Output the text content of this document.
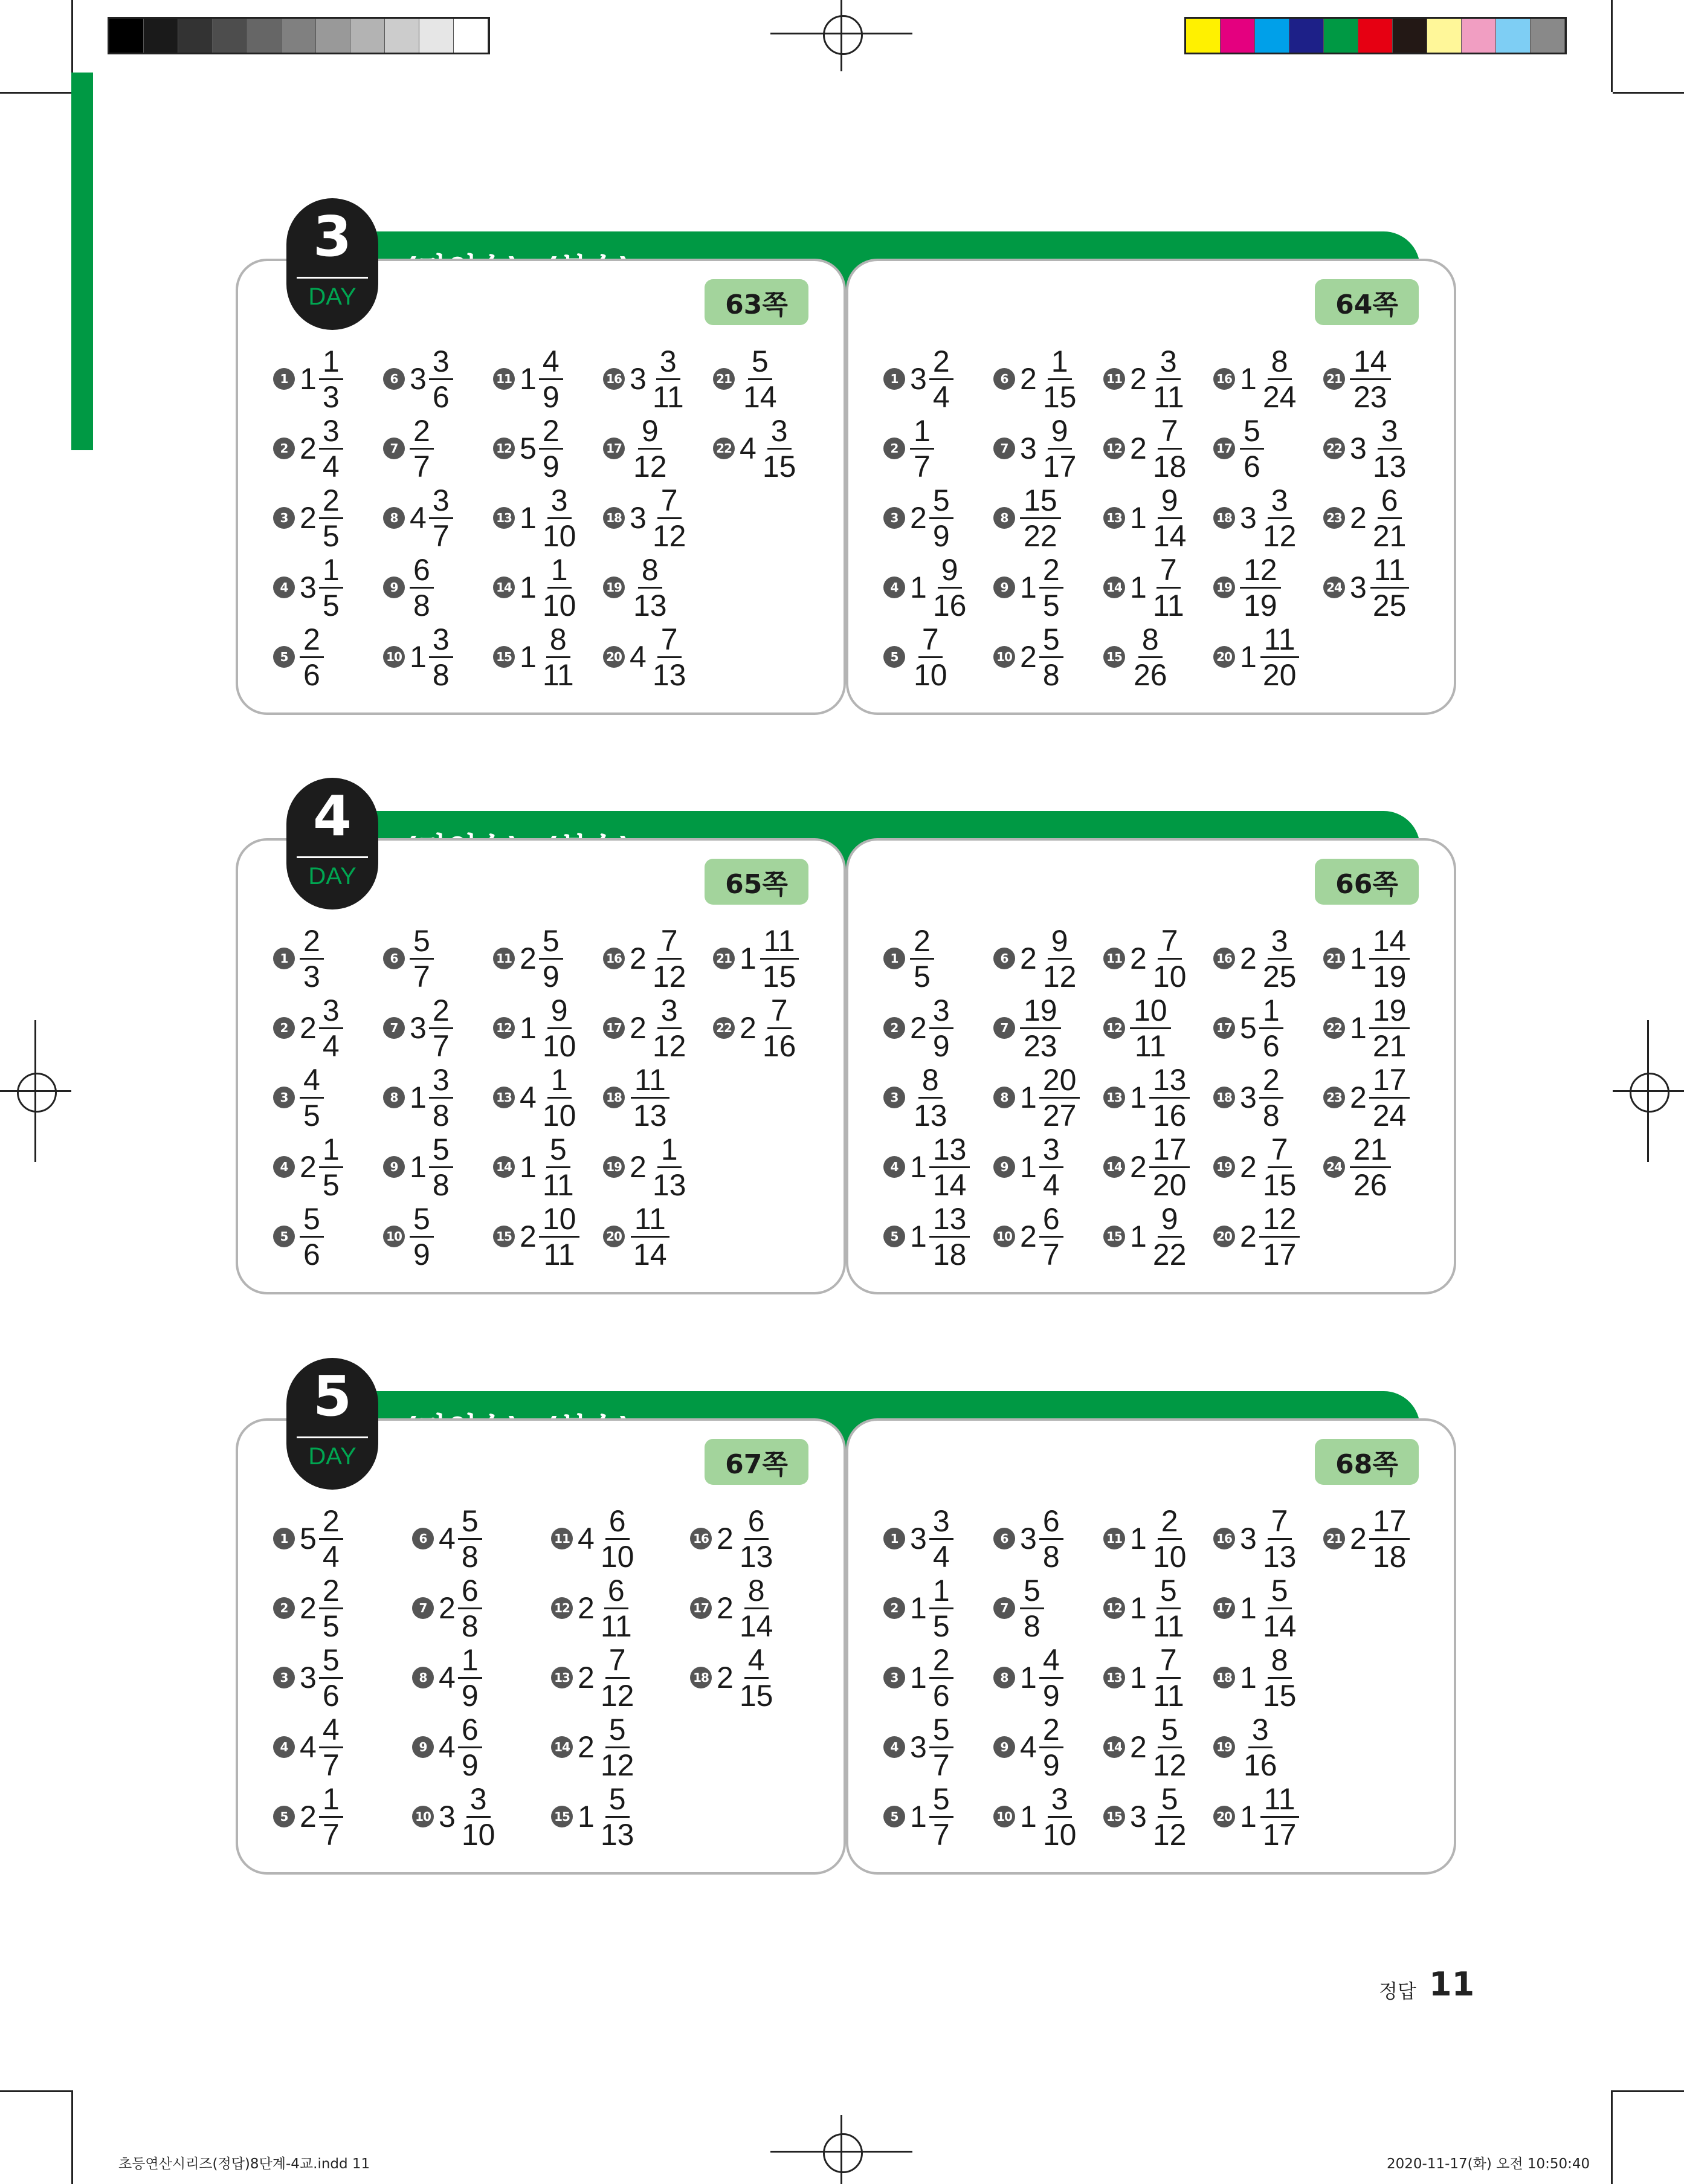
3
DAY	63쪽
1 $1 \frac{1}{3}$
2 $2 \frac{3}{4}$
3 $2 \frac{2}{5}$
4 $3 \frac{1}{5}$
$5 \frac{2}{6}$
6 $3 \frac{3}{6}$
$7 \frac{2}{7}$
8 $4 \frac{3}{7}$
$9 \frac{6}{8}$
10 $1 \frac{3}{8}$
11 $1 \frac{4}{9}$
12 $5 \frac{2}{9}$
13 $1 \frac{3}{10}$
14 $1 \frac{1}{10}$
15 $1 \frac{8}{11}$
16 $3 \frac{3}{11}$
$17 \frac{9}{12}$
18 $3 \frac{7}{12}$
$19 \frac{8}{13}$
20 $4 \frac{7}{13}$
$21 \frac{5}{14}$
22 $4 \frac{3}{15}$
64쪽
1 $3 \frac{2}{4}$
$2 \frac{1}{7}$
3 $2 \frac{5}{9}$
4 $1 \frac{9}{16}$
$5 \frac{7}{10}$
6 $2 \frac{1}{15}$
7 $3 \frac{9}{17}$
$8 \frac{15}{22}$
9 $1 \frac{2}{5}$
10 $2 \frac{5}{8}$
11 $2 \frac{3}{11}$
12 $2 \frac{7}{18}$
13 $1 \frac{9}{14}$
14 $1 \frac{7}{11}$
$15 \frac{8}{26}$
16 $1 \frac{8}{24}$
$17 \frac{5}{6}$
18 $3 \frac{3}{12}$
$19 \frac{12}{19}$
20 $1 \frac{11}{20}$
$21 \frac{14}{23}$
22 $3 \frac{3}{13}$
23 $2 \frac{6}{21}$
24 $3 \frac{11}{25}$
4
DAY	65쪽
$1 \frac{2}{3}$
2 $2 \frac{3}{4}$
$3 \frac{4}{5}$
4 $2 \frac{1}{5}$
$5 \frac{5}{6}$
$6 \frac{5}{7}$
7 $3 \frac{2}{7}$
8 $1 \frac{3}{8}$
9 $1 \frac{5}{8}$
$10 \frac{5}{9}$
11 $2 \frac{5}{9}$
12 $1 \frac{9}{10}$
13 $4 \frac{1}{10}$
14 $1 \frac{5}{11}$
15 $2 \frac{10}{11}$
16 $2 \frac{7}{12}$
17 $2 \frac{3}{12}$
$18 \frac{11}{13}$
19 $2 \frac{1}{13}$
$20 \frac{11}{14}$
21 $1 \frac{11}{15}$
22 $2 \frac{7}{16}$
66쪽
$1 \frac{2}{5}$
2 $2 \frac{3}{9}$
$3 \frac{8}{13}$
4 $1 \frac{13}{14}$
5 $1 \frac{13}{18}$
6 $2 \frac{9}{12}$
$7 \frac{19}{23}$
8 $1 \frac{20}{27}$
9 $1 \frac{3}{4}$
10 $2 \frac{6}{7}$
11 $2 \frac{7}{10}$
$12 \frac{10}{11}$
13 $1 \frac{13}{16}$
14 $2 \frac{17}{20}$
15 $1 \frac{9}{22}$
16 $2 \frac{3}{25}$
17 $5 \frac{1}{6}$
18 $3 \frac{2}{8}$
19 $2 \frac{7}{15}$
20 $2 \frac{12}{17}$
21 $1 \frac{14}{19}$
22 $1 \frac{19}{21}$
23 $2 \frac{17}{24}$
$24 \frac{21}{26}$
5
DAY	67쪽
1 $5 \frac{2}{4}$
2 $2 \frac{2}{5}$
3 $3 \frac{5}{6}$
4 $4 \frac{4}{7}$
5 $2 \frac{1}{7}$
6 $4 \frac{5}{8}$
7 $2 \frac{6}{8}$
8 $4 \frac{1}{9}$
9 $4 \frac{6}{9}$
10 $3 \frac{3}{10}$
11 $4 \frac{6}{10}$
12 $2 \frac{6}{11}$
13 $2 \frac{7}{12}$
14 $2 \frac{5}{12}$
15 $1 \frac{5}{13}$
16 $2 \frac{6}{13}$
17 $2 \frac{8}{14}$
18 $2 \frac{4}{15}$
68쪽
1 $3 \frac{3}{4}$
2 $1 \frac{1}{5}$
3 $1 \frac{2}{6}$
4 $3 \frac{5}{7}$
5 $1 \frac{5}{7}$
6 $3 \frac{6}{8}$
$7 \frac{5}{8}$
8 $1 \frac{4}{9}$
9 $4 \frac{2}{9}$
10 $1 \frac{3}{10}$
11 $1 \frac{2}{10}$
12 $1 \frac{5}{11}$
13 $1 \frac{7}{11}$
14 $2 \frac{5}{12}$
15 $3 \frac{5}{12}$
16 $3 \frac{7}{13}$
17 $1 \frac{5}{14}$
18 $1 \frac{8}{15}$
$19 \frac{3}{16}$
20 $1 \frac{11}{17}$
21 $2 \frac{17}{18}$
정답 11
초등연산시리즈(정답)8단계-4교.indd 11	2020-11-17(화) 오전 10:50:40
